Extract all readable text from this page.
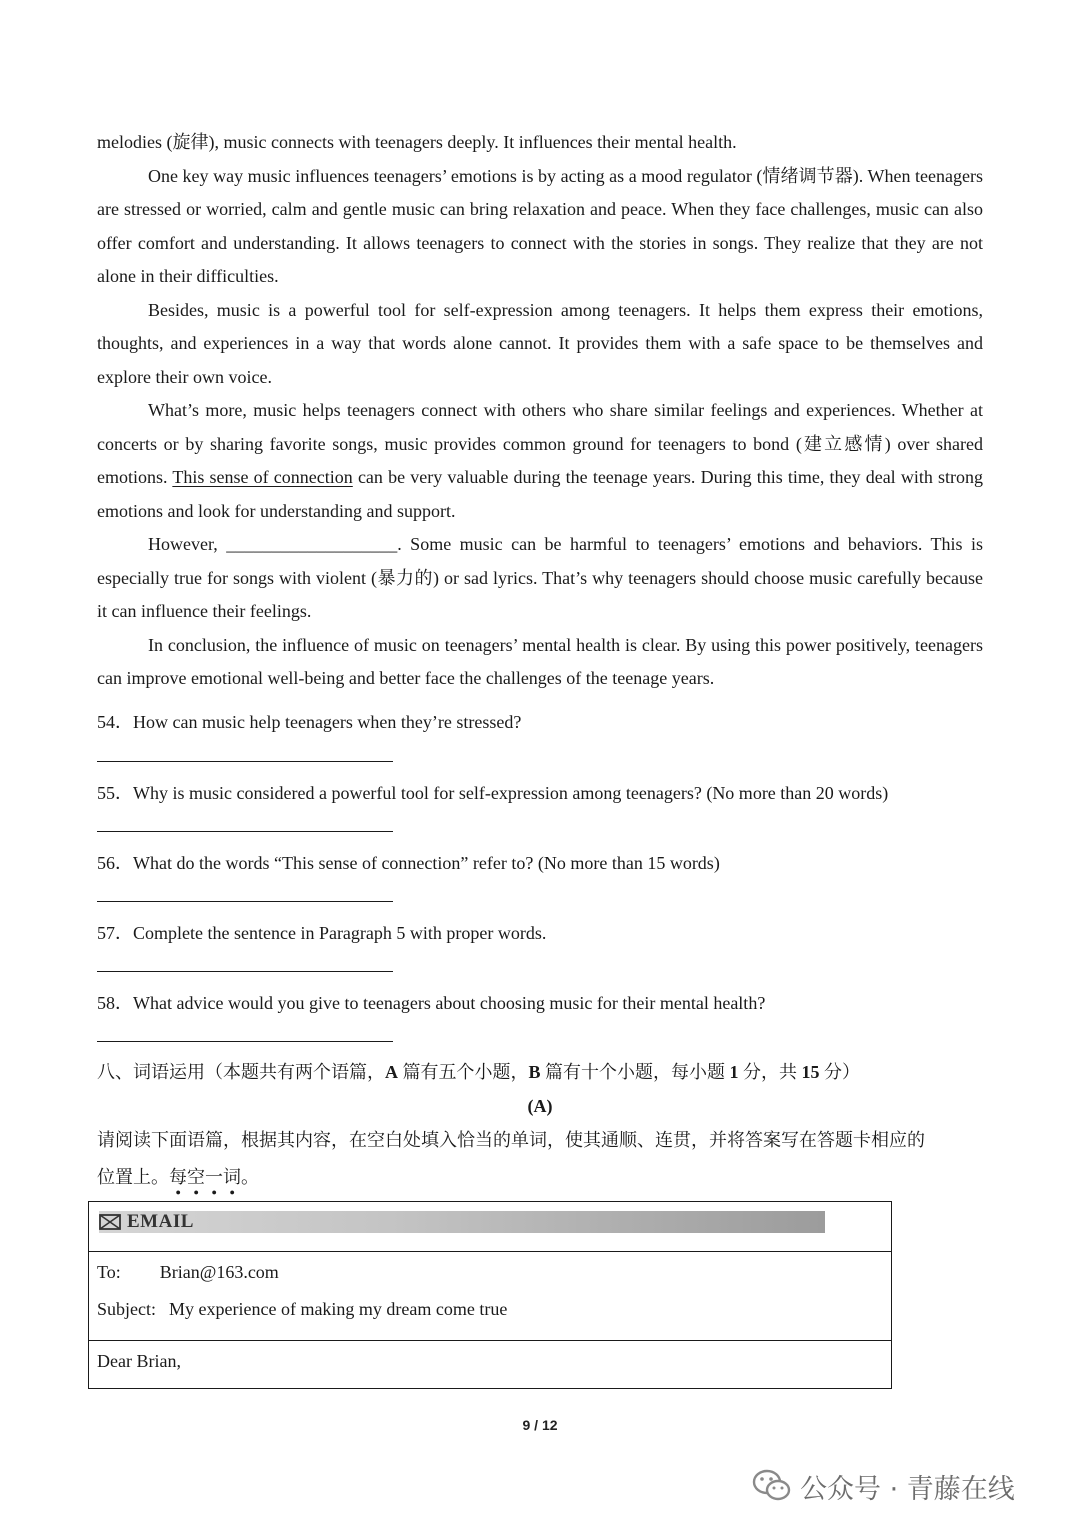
melodies (旋律), music connects with teenagers deeply. It influences their mental health.

One key way music influences teenagers’ emotions is by acting as a mood regulator (情绪调节器). When teenagers are stressed or worried, calm and gentle music can bring relaxation and peace. When they face challenges, music can also offer comfort and understanding. It allows teenagers to connect with the stories in songs. They realize that they are not alone in their difficulties.

Besides, music is a powerful tool for self-expression among teenagers. It helps them express their emotions, thoughts, and experiences in a way that words alone cannot. It provides them with a safe space to be themselves and explore their own voice.

What’s more, music helps teenagers connect with others who share similar feelings and experiences. Whether at concerts or by sharing favorite songs, music provides common ground for teenagers to bond (建立感情) over shared emotions. This sense of connection can be very valuable during the teenage years. During this time, they deal with strong emotions and look for understanding and support.

However, ___________________. Some music can be harmful to teenagers’ emotions and behaviors. This is especially true for songs with violent (暴力的) or sad lyrics. That’s why teenagers should choose music carefully because it can influence their feelings.

In conclusion, the influence of music on teenagers’ mental health is clear. By using this power positively, teenagers can improve emotional well-being and better face the challenges of the teenage years.

54．How can music help teenagers when they’re stressed?
55．Why is music considered a powerful tool for self-expression among teenagers? (No more than 20 words)
56．What do the words “This sense of connection” refer to? (No more than 15 words)
57．Complete the sentence in Paragraph 5 with proper words.
58．What advice would you give to teenagers about choosing music for their mental health?
八、词语运用（本题共有两个语篇，A 篇有五个小题，B 篇有十个小题，每小题 1 分，共 15 分）
(A)
请阅读下面语篇，根据其内容，在空白处填入恰当的单词，使其通顺、连贯，并将答案写在答题卡相应的
位置上。每空一词。
EMAIL
To: Brian@163.com
Subject: My experience of making my dream come true
Dear Brian,
9 / 12
公众号 · 青藤在线
